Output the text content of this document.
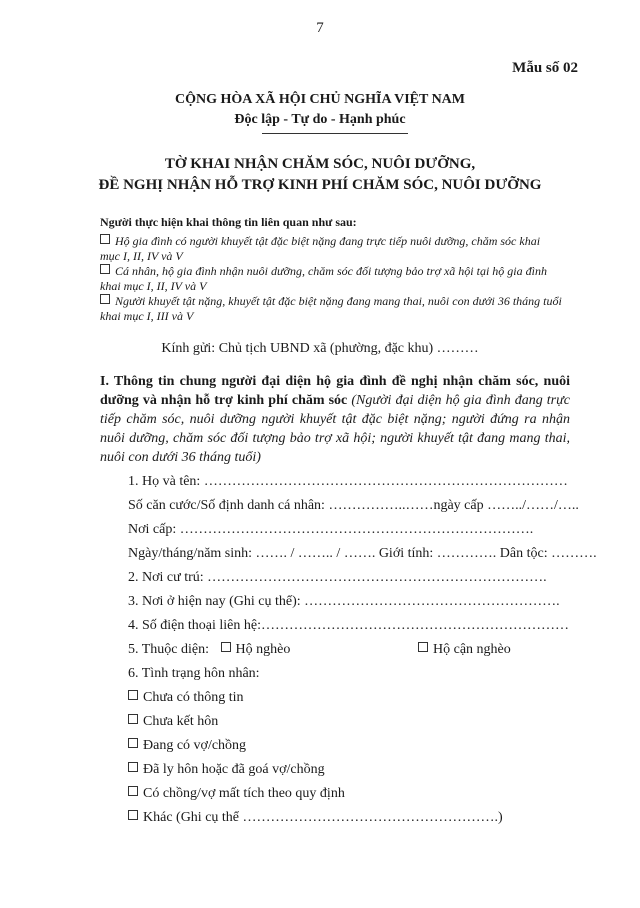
7
Mẫu số 02
CỘNG HÒA XÃ HỘI CHỦ NGHĨA VIỆT NAM
Độc lập - Tự do - Hạnh phúc
TỜ KHAI NHẬN CHĂM SÓC, NUÔI DƯỠNG,
ĐỀ NGHỊ NHẬN HỖ TRỢ KINH PHÍ CHĂM SÓC, NUÔI DƯỠNG
Người thực hiện khai thông tin liên quan như sau:
Hộ gia đình có người khuyết tật đặc biệt nặng đang trực tiếp nuôi dưỡng, chăm sóc khai
mục I, II, IV và V
Cá nhân, hộ gia đình nhận nuôi dưỡng, chăm sóc đối tượng bảo trợ xã hội tại hộ gia đình
khai mục I, II, IV và V
Người khuyết tật nặng, khuyết tật đặc biệt nặng đang mang thai, nuôi con dưới 36 tháng tuổi
khai mục I, III và V
Kính gửi: Chủ tịch UBND xã (phường, đặc khu) ………
I. Thông tin chung người đại diện hộ gia đình đề nghị nhận chăm sóc, nuôi dưỡng và nhận hỗ trợ kinh phí chăm sóc (Người đại diện hộ gia đình đang trực tiếp chăm sóc, nuôi dưỡng người khuyết tật đặc biệt nặng; người đứng ra nhận nuôi dưỡng, chăm sóc đối tượng bảo trợ xã hội; người khuyết tật đang mang thai, nuôi con dưới 36 tháng tuổi)
1. Họ và tên: ……………………………………………………………………
Số căn cước/Số định danh cá nhân: ……………..……ngày cấp ……../……/…..
Nơi cấp: ………………………………………………………………….
Ngày/tháng/năm sinh: ……. / …….. / ……. Giới tính: …………. Dân tộc: ……….
2. Nơi cư trú: ……………………………………………………………….
3. Nơi ở hiện nay (Ghi cụ thể): ……………………………………………….
4. Số điện thoại liên hệ:…………………………………………………………
5. Thuộc diện: Hộ nghèo	Hộ cận nghèo
6. Tình trạng hôn nhân:
Chưa có thông tin
Chưa kết hôn
Đang có vợ/chồng
Đã ly hôn hoặc đã goá vợ/chồng
Có chồng/vợ mất tích theo quy định
Khác (Ghi cụ thể ……………………………………………….)
